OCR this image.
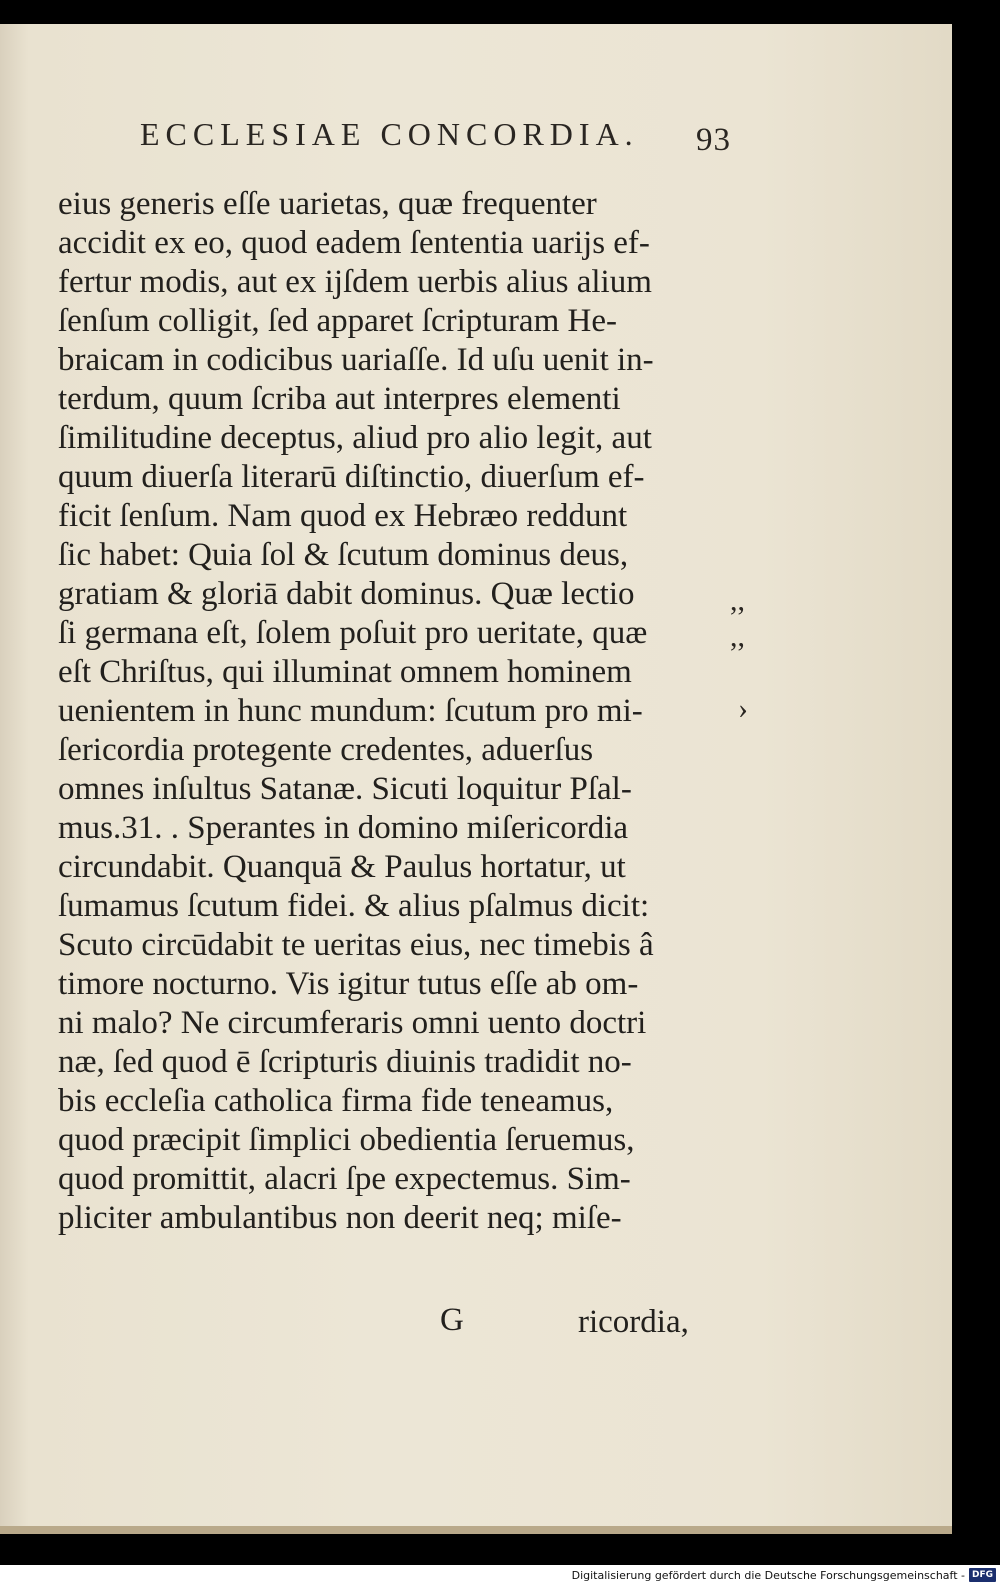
ECCLESIAE CONCORDIA. 93
eius generis eſſe uarietas, quæ frequenter
accidit ex eo, quod eadem ſententia uarijs ef-
fertur modis, aut ex ijſdem uerbis alius alium
ſenſum colligit, ſed apparet ſcripturam He-
braicam in codicibus uariaſſe. Id uſu uenit in-
terdum, quum ſcriba aut interpres elementi
ſimilitudine deceptus, aliud pro alio legit, aut
quum diuerſa literarū diſtinctio, diuerſum ef-
ficit ſenſum. Nam quod ex Hebræo reddunt
ſic habet: Quia ſol & ſcutum dominus deus,
gratiam & gloriā dabit dominus. Quæ lectio
ſi germana eſt, ſolem poſuit pro ueritate, quæ
eſt Chriſtus, qui illuminat omnem hominem
uenientem in hunc mundum: ſcutum pro mi-
ſericordia protegente credentes, aduerſus
omnes inſultus Satanæ. Sicuti loquitur Pſal-
mus.31. . Sperantes in domino miſericordia
circundabit. Quanquā & Paulus hortatur, ut
ſumamus ſcutum fidei. & alius pſalmus dicit:
Scuto circūdabit te ueritas eius, nec timebis â
timore nocturno. Vis igitur tutus eſſe ab om-
ni malo? Ne circumferaris omni uento doctri
næ, ſed quod ē ſcripturis diuinis tradidit no-
bis eccleſia catholica firma fide teneamus,
quod præcipit ſimplici obedientia ſeruemus,
quod promittit, alacri ſpe expectemus. Sim-
pliciter ambulantibus non deerit neq; miſe-
,,
,,
›
G	ricordia,
Digitalisierung gefördert durch die Deutsche Forschungsgemeinschaft - DFG
